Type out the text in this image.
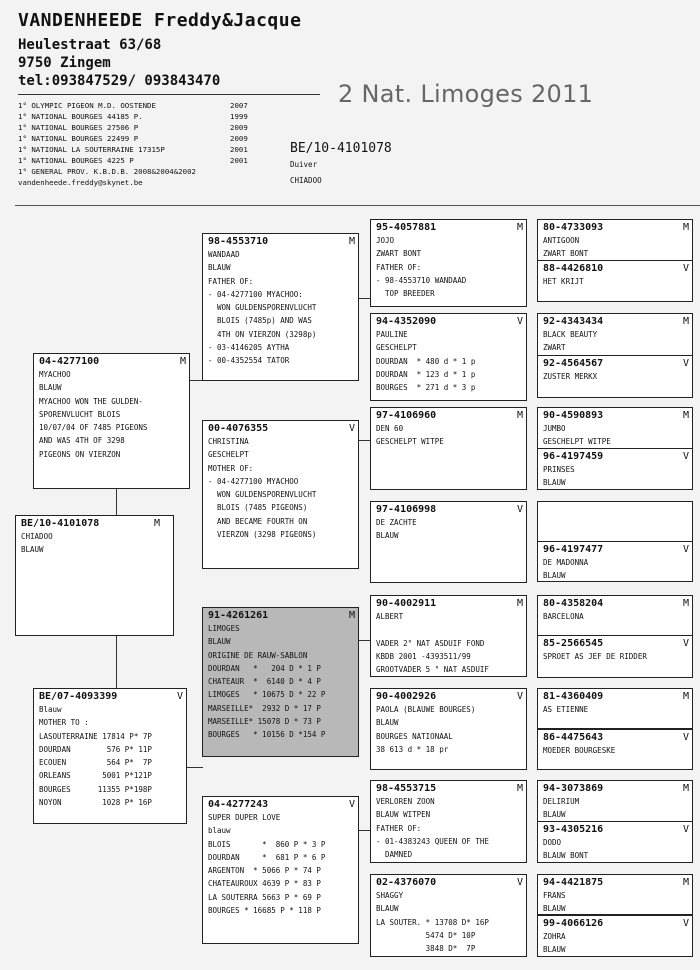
VANDENHEEDE Freddy&Jacque
Heulestraat 63/68
9750 Zingem
tel:093847529/ 093843470	2 Nat. Limoges 2011
1° OLYMPIC PIGEON M.D. OOSTENDE	2007
1° NATIONAL BOURGES 44185 P.	1999
1° NATIONAL BOURGES 27506 P	2009
1° NATIONAL BOURGES 22499 P	2009
1° NATIONAL LA SOUTERRAINE 17315P	2001
1° NATIONAL BOURGES 4225 P	2001
1° GENERAL PROV. K.B.D.B. 2008&2004&2002
vandenheede.freddy@skynet.be
BE/10-4101078
Duiver
CHIADOO
BE/10-4101078	M
CHIADOO
BLAUW
04-4277100	M
MYACHOO
BLAUW
MYACHOO WON THE GULDEN-
SPORENVLUCHT BLOIS
10/07/04 OF 7485 PIGEONS
AND WAS 4TH OF 3298
PIGEONS ON VIERZON
BE/07-4093399	V
Blauw
MOTHER TO :
LASOUTERRAINE 17814 P* 7P
DOURDAN        576 P* 11P
ECOUEN         564 P*  7P
ORLEANS       5001 P*121P
BOURGES      11355 P*198P
NOYON         1028 P* 16P
98-4553710	M
WANDAAD
BLAUW
FATHER OF:
- 04-4277100 MYACHOO:
WON GULDENSPORENVLUCHT
BLOIS (7485p) AND WAS
4TH ON VIERZON (3298p)
- 03-4146205 AYTHA
- 00-4352554 TATOR
00-4076355	V
CHRISTINA
GESCHELPT
MOTHER OF:
- 04-4277100 MYACHOO
WON GULDENSPORENVLUCHT
BLOIS (7485 PIGEONS)
AND BECAME FOURTH ON
VIERZON (3298 PIGEONS)
91-4261261	M
LIMOGES
BLAUW
ORIGINE DE RAUW-SABLON
DOURDAN   *   204 D * 1 P
CHATEAUR  *  6140 D * 4 P
LIMOGES   * 10675 D * 22 P
MARSEILLE*  2932 D * 17 P
MARSEILLE* 15078 D * 73 P
BOURGES   * 10156 D *154 P
04-4277243	V
SUPER DUPER LOVE
blauw
BLOIS       *  860 P * 3 P
DOURDAN     *  681 P * 6 P
ARGENTON  * 5066 P * 74 P
CHATEAUROUX 4639 P * 83 P
LA SOUTERRA 5663 P * 69 P
BOURGES * 16685 P * 118 P
95-4057881	M
JOJO
ZWART BONT
FATHER OF:
- 98-4553710 WANDAAD
TOP BREEDER
94-4352090	V
PAULINE
GESCHELPT
DOURDAN  * 480 d * 1 p
DOURDAN  * 123 d * 1 p
BOURGES  * 271 d * 3 p
97-4106960	M
DEN 60
GESCHELPT WITPE
97-4106998	V
DE ZACHTE
BLAUW
90-4002911	M
ALBERT

VADER 2° NAT ASDUIF FOND
KBDB 2001 -4393511/99
GROOTVADER 5 ° NAT ASDUIF
90-4002926	V
PAOLA (BLAUWE BOURGES)
BLAUW
BOURGES NATIONAAL
38 613 d * 18 pr
98-4553715	M
VERLOREN ZOON
BLAUW WITPEN
FATHER OF:
- 01-4383243 QUEEN OF THE
DAMNED
02-4376070	V
SHAGGY
BLAUW
LA SOUTER. * 13708 D* 16P
5474 D* 10P
3848 D*  7P
80-4733093	M
ANTIGOON
ZWART BONT
88-4426810	V
HET KRIJT
92-4343434	M
BLACK BEAUTY
ZWART
92-4564567	V
ZUSTER MERKX
90-4590893	M
JUMBO
GESCHELPT WITPE
96-4197459	V
PRINSES
BLAUW
96-4197477	V
DE MADONNA
BLAUW
80-4358204	M
BARCELONA
85-2566545	V
SPROET AS JEF DE RIDDER
81-4360409	M
AS ETIENNE
86-4475643	V
MOEDER BOURGESKE
94-3073869	M
DELIRIUM
BLAUW
93-4305216	V
DODO
BLAUW BONT
94-4421875	M
FRANS
BLAUW
99-4066126	V
ZOHRA
BLAUW
